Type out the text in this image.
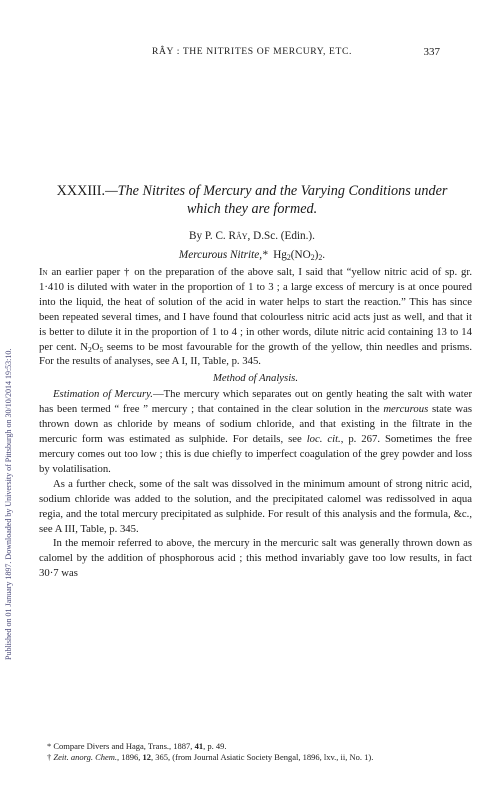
Published on 01 January 1897. Downloaded by University of Pittsburgh on 30/10/2014 19:53:10.
RÂY : THE NITRITES OF MERCURY, ETC.	337
XXXIII.—The Nitrites of Mercury and the Varying Conditions under which they are formed.
By P. C. Rây, D.Sc. (Edin.).
Mercurous Nitrite,* $Hg_2(NO_2)_2$.

In an earlier paper † on the preparation of the above salt, I said that “yellow nitric acid of sp. gr. 1·410 is diluted with water in the proportion of 1 to 3 ; a large excess of mercury is at once poured into the liquid, the heat of solution of the acid in water helps to start the reaction.” This has since been repeated several times, and I have found that colourless nitric acid acts just as well, and that it is better to dilute it in the proportion of 1 to 4 ; in other words, dilute nitric acid containing 13 to 14 per cent. $N_2O_5$ seems to be most favourable for the growth of the yellow, thin needles and prisms. For the results of analyses, see A I, II, Table, p. 345.

Method of Analysis.

Estimation of Mercury.—The mercury which separates out on gently heating the salt with water has been termed “ free ” mercury ; that contained in the clear solution in the mercurous state was thrown down as chloride by means of sodium chloride, and that existing in the filtrate in the mercuric form was estimated as sulphide. For details, see loc. cit., p. 267. Sometimes the free mercury comes out too low ; this is due chiefly to imperfect coagulation of the grey powder and loss by volatilisation.

As a further check, some of the salt was dissolved in the minimum amount of strong nitric acid, sodium chloride was added to the solution, and the precipitated calomel was redissolved in aqua regia, and the total mercury precipitated as sulphide. For result of this analysis and the formula, &c., see A III, Table, p. 345.

In the memoir referred to above, the mercury in the mercuric salt was generally thrown down as calomel by the addition of phosphorous acid ; this method invariably gave too low results, in fact 30·7 was

* Compare Divers and Haga, Trans., 1887, 41, p. 49.

† Zeit. anorg. Chem., 1896, 12, 365, (from Journal Asiatic Society Bengal, 1896, lxv., ii, No. 1).
